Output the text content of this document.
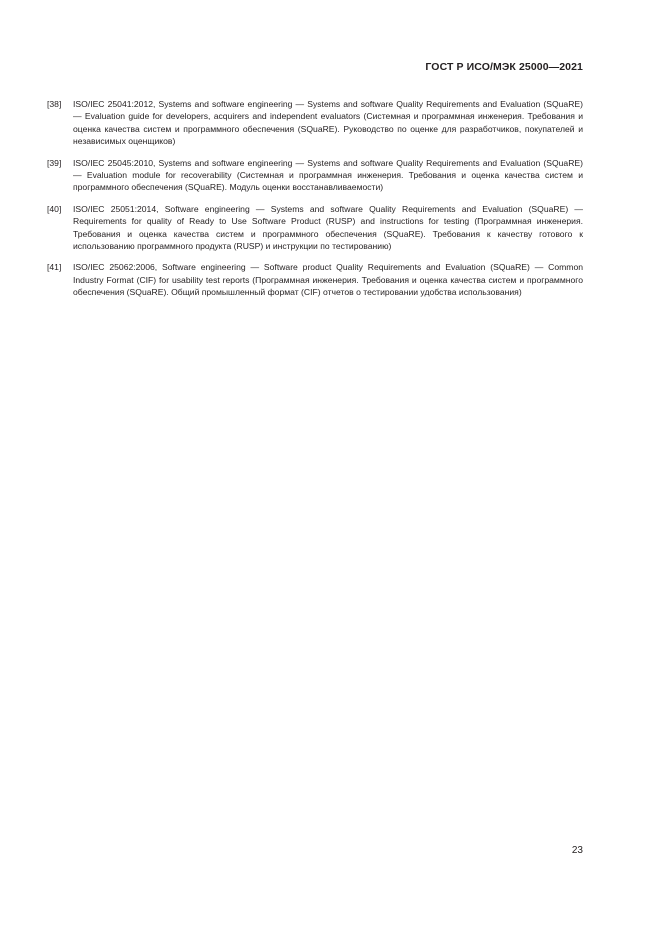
ГОСТ Р ИСО/МЭК 25000—2021
[38]	ISO/IEC 25041:2012, Systems and software engineering — Systems and software Quality Requirements and Evaluation (SQuaRE) — Evaluation guide for developers, acquirers and independent evaluators (Системная и программная инженерия. Требования и оценка качества систем и программного обеспечения (SQuaRE). Руководство по оценке для разработчиков, покупателей и независимых оценщиков)
[39]	ISO/IEC 25045:2010, Systems and software engineering — Systems and software Quality Requirements and Evaluation (SQuaRE) — Evaluation module for recoverability (Системная и программная инженерия. Требования и оценка качества систем и программного обеспечения (SQuaRE). Модуль оценки восстанавливаемости)
[40]	ISO/IEC 25051:2014, Software engineering — Systems and software Quality Requirements and Evaluation (SQuaRE) — Requirements for quality of Ready to Use Software Product (RUSP) and instructions for testing (Программная инженерия. Требования и оценка качества систем и программного обеспечения (SQuaRE). Требования к качеству готового к использованию программного продукта (RUSP) и инструкции по тестированию)
[41]	ISO/IEC 25062:2006, Software engineering — Software product Quality Requirements and Evaluation (SQuaRE) — Common Industry Format (CIF) for usability test reports (Программная инженерия. Требования и оценка качества систем и программного обеспечения (SQuaRE). Общий промышленный формат (CIF) отчетов о тестировании удобства использования)
23
